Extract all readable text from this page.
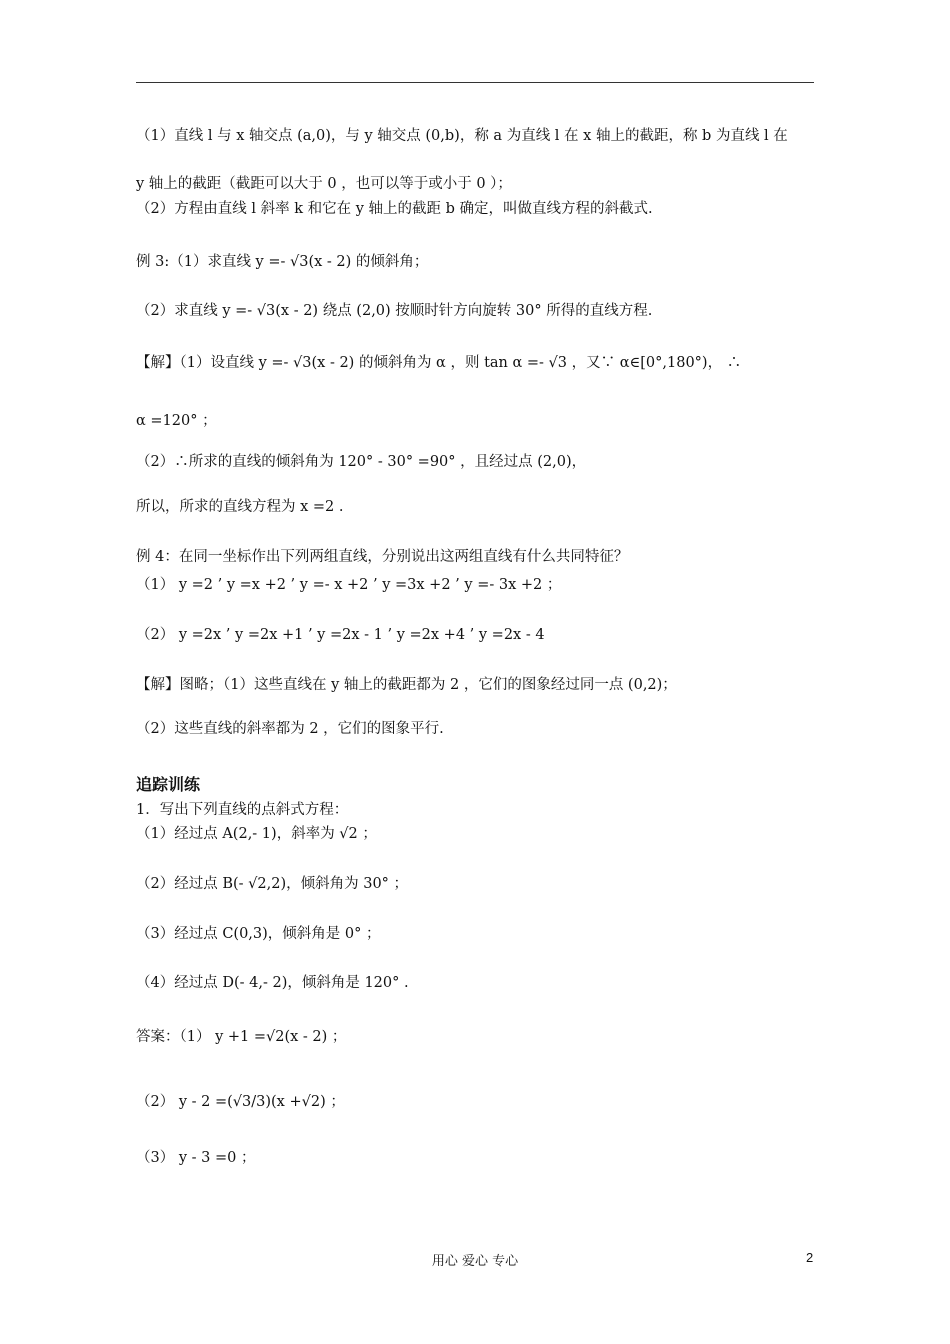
（1）直线 l 与 x 轴交点 (a,0)，与 y 轴交点 (0,b)，称 a 为直线 l 在 x 轴上的截距，称 b 为直线 l 在
y 轴上的截距（截距可以大于 0 ，也可以等于或小于 0 ）；
（2）方程由直线 l 斜率 k 和它在 y 轴上的截距 b 确定，叫做直线方程的斜截式.
例 3:（1）求直线 y =- √3(x - 2) 的倾斜角；
（2）求直线 y =- √3(x - 2) 绕点 (2,0) 按顺时针方向旋转 30° 所得的直线方程.
【解】（1）设直线 y =- √3(x - 2) 的倾斜角为 α ，则 tan α =- √3 ，又∵ α∈[0°,180°)， ∴
α =120° ；
（2）∴所求的直线的倾斜角为 120° - 30° =90° ，且经过点 (2,0)，
所以，所求的直线方程为 x =2 .
例 4：在同一坐标作出下列两组直线，分别说出这两组直线有什么共同特征？
（1） y =2 ’ y =x +2 ’ y =- x +2 ’ y =3x +2 ’ y =- 3x +2 ；
（2） y =2x ’ y =2x +1 ’ y =2x - 1 ’ y =2x +4 ’ y =2x - 4
【解】图略；（1）这些直线在 y 轴上的截距都为 2 ，它们的图象经过同一点 (0,2)；
（2）这些直线的斜率都为 2 ，它们的图象平行.
追踪训练
1．写出下列直线的点斜式方程：
（1）经过点 A(2,- 1)，斜率为 √2 ；
（2）经过点 B(- √2,2)，倾斜角为 30° ；
（3）经过点 C(0,3)，倾斜角是 0° ；
（4）经过点 D(- 4,- 2)，倾斜角是 120° .
答案：（1） y +1 =√2(x - 2) ；
（2） y - 2 =(√3/3)(x +√2) ；
（3） y - 3 =0 ；
用心 爱心 专心	2
